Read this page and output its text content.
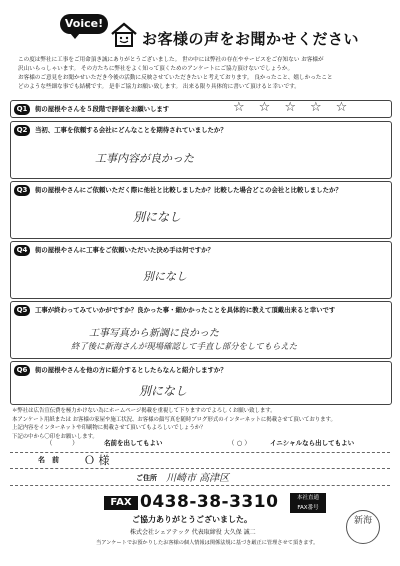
Voice!
お客様の声をお聞かせください

この度は弊社に工事をご用命頂き誠にありがとうございました。 世の中には弊社の存在やサービスをご存知ない お客様が

沢山いらっしゃいます。 その方たちに弊社をよく知って頂くためのアンケートにご協力頂けないでしょうか。

お客様のご意見をお聞かせいただき今後の活動に反映させていただきたいと考えております。 良かったこと、嬉しかったこと

どのような些細な事でも結構です。 是非ご協力お願い致します。 出来る限り具体的に書いて頂けると幸いです。

Q1	街の屋根やさんを５段階で評価をお願いします	☆☆☆☆☆
Q2	当初、工事を依頼する会社にどんなことを期待されていましたか？
工事内容が良かった
Q3	街の屋根やさんにご依頼いただく際に他社と比較しましたか？比較した場合どこの会社と比較しましたか？
別になし
Q4	街の屋根やさんに工事をご依頼いただいた決め手は何ですか？
別になし
Q5	工事が終わってみていかがですか？良かった事・細かかったことを具体的に教えて頂戴出来ると幸いです
工事写真から新調に良かった
終了後に新海さんが現場確認して手直し部分をしてもらえた
Q6	街の屋根やさんを他の方に紹介するとしたらなんと紹介しますか？
別になし

＊弊社は広告宣伝費を極力かけない為にホームページ掲載を重視して下りますのでよろしくお願い致します。

本アンケート用紙または お客様の家屋や施工状況、お客様の顔写真を随時ブログ形式のインターネットに掲載させて頂いております。

上記内容をインターネットや印刷物に掲載させて頂いてもよろしいでしょうか？

下記の中から〇印をお願いします。

（　　　）	名前を出してもよい	（ ○ ）	イニシャルなら出してもよい
名　前 Ｏ 様
ご住所 川崎市 高津区
FAX 0438-38-3310	本社直通
FAX番号
ご協力ありがとうございました。
株式会社シェアテック 代表取締役 大久保 誠二
当アンケートでお預かりしたお客様の個人情報は関係法規に基づき厳正に管理させて頂きます。
新海
